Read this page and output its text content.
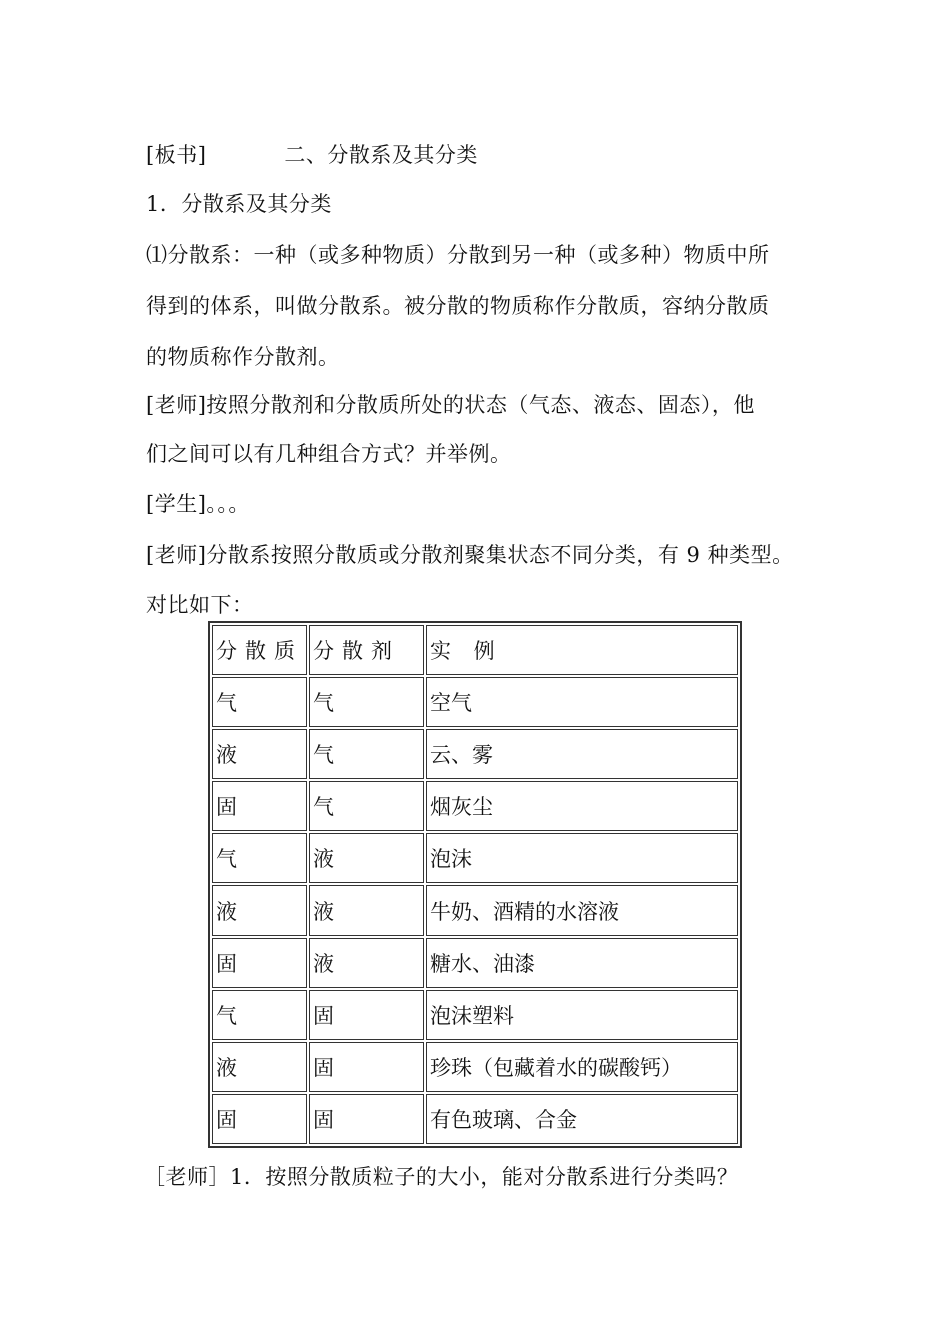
[板书]	二、分散系及其分类
1．分散系及其分类
⑴分散系：一种（或多种物质）分散到另一种（或多种）物质中所
得到的体系，叫做分散系。被分散的物质称作分散质，容纳分散质
的物质称作分散剂。
[老师]按照分散剂和分散质所处的状态（气态、液态、固态），他
们之间可以有几种组合方式？并举例。
[学生]。。。
[老师]分散系按照分散质或分散剂聚集状态不同分类，有 9 种类型。
对比如下：
分散质	分散剂	实 例
气	气	空气
液	气	云、雾
固	气	烟灰尘
气	液	泡沫
液	液	牛奶、酒精的水溶液
固	液	糖水、油漆
气	固	泡沫塑料
液	固	珍珠（包藏着水的碳酸钙）
固	固	有色玻璃、合金
［老师］1．按照分散质粒子的大小，能对分散系进行分类吗？
